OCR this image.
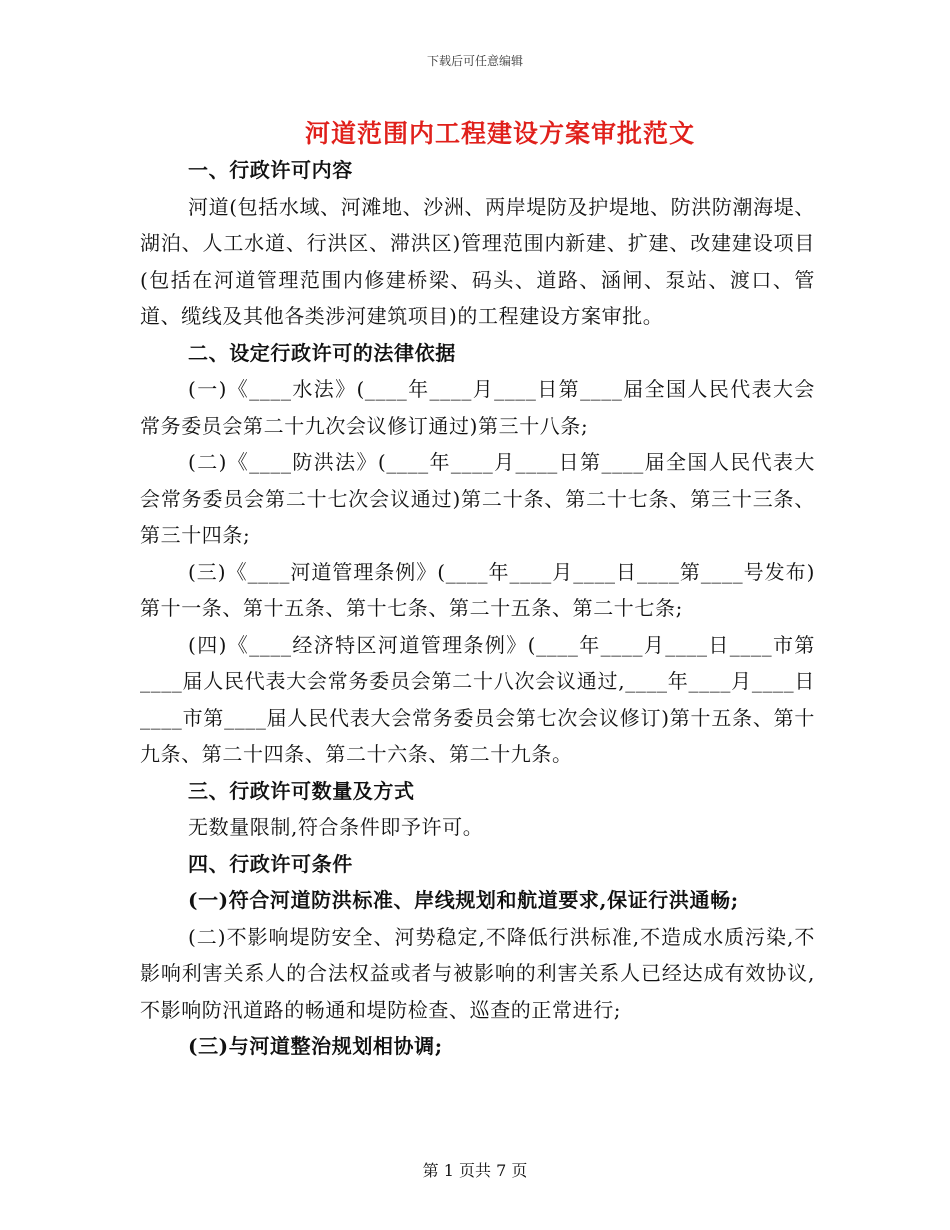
下载后可任意编辑
河道范围内工程建设方案审批范文

一、行政许可内容

河道(包括水域、河滩地、沙洲、两岸堤防及护堤地、防洪防潮海堤、湖泊、人工水道、行洪区、滞洪区)管理范围内新建、扩建、改建建设项目(包括在河道管理范围内修建桥梁、码头、道路、涵闸、泵站、渡口、管道、缆线及其他各类涉河建筑项目)的工程建设方案审批。

二、设定行政许可的法律依据

(一)《____水法》(____年____月____日第____届全国人民代表大会常务委员会第二十九次会议修订通过)第三十八条;

(二)《____防洪法》(____年____月____日第____届全国人民代表大会常务委员会第二十七次会议通过)第二十条、第二十七条、第三十三条、第三十四条;

(三)《____河道管理条例》(____年____月____日____第____号发布)第十一条、第十五条、第十七条、第二十五条、第二十七条;

(四)《____经济特区河道管理条例》(____年____月____日____市第____届人民代表大会常务委员会第二十八次会议通过,____年____月____日____市第____届人民代表大会常务委员会第七次会议修订)第十五条、第十九条、第二十四条、第二十六条、第二十九条。

三、行政许可数量及方式

无数量限制,符合条件即予许可。

四、行政许可条件

(一)符合河道防洪标准、岸线规划和航道要求,保证行洪通畅;

(二)不影响堤防安全、河势稳定,不降低行洪标准,不造成水质污染,不影响利害关系人的合法权益或者与被影响的利害关系人已经达成有效协议,不影响防汛道路的畅通和堤防检查、巡查的正常进行;

(三)与河道整治规划相协调;

第 1 页共 7 页
